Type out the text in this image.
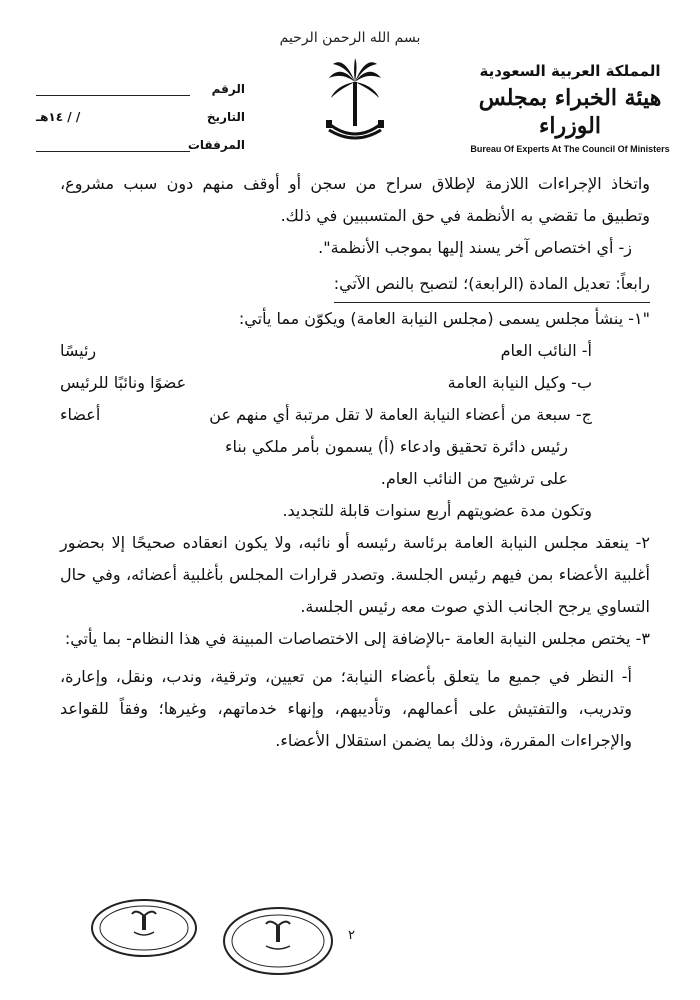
بسم الله الرحمن الرحيم
المملكة العربية السعودية
هيئة الخبراء بمجلس الوزراء
Bureau Of Experts At The Council Of Ministers
الرقم
التاريخ
/ / ١٤هـ
المرفقات

واتخاذ الإجراءات اللازمة لإطلاق سراح من سجن أو أوقف منهم دون سبب مشروع، وتطبيق ما تقضي به الأنظمة في حق المتسببين في ذلك.

ز- أي اختصاص آخر يسند إليها بموجب الأنظمة".

رابعاً: تعديل المادة (الرابعة)؛ لتصبح بالنص الآتي:

"١- ينشأ مجلس يسمى (مجلس النيابة العامة) ويكوّن مما يأتي:

أ- النائب العام
رئيسًا
ب- وكيل النيابة العامة
عضوًا ونائبًا للرئيس
ج- سبعة من أعضاء النيابة العامة لا تقل مرتبة أي منهم عن
رئيس دائرة تحقيق وادعاء (أ) يسمون بأمر ملكي بناء
على ترشيح من النائب العام.
أعضاء

وتكون مدة عضويتهم أربع سنوات قابلة للتجديد.

٢- ينعقد مجلس النيابة العامة برئاسة رئيسه أو نائبه، ولا يكون انعقاده صحيحًا إلا بحضور أغلبية الأعضاء بمن فيهم رئيس الجلسة. وتصدر قرارات المجلس بأغلبية أعضائه، وفي حال التساوي يرجح الجانب الذي صوت معه رئيس الجلسة.

٣- يختص مجلس النيابة العامة -بالإضافة إلى الاختصاصات المبينة في هذا النظام- بما يأتي:

أ- النظر في جميع ما يتعلق بأعضاء النيابة؛ من تعيين، وترقية، وندب، ونقل، وإعارة، وتدريب، والتفتيش على أعمالهم، وتأديبهم، وإنهاء خدماتهم، وغيرها؛ وفقاً للقواعد والإجراءات المقررة، وذلك بما يضمن استقلال الأعضاء.

٢
